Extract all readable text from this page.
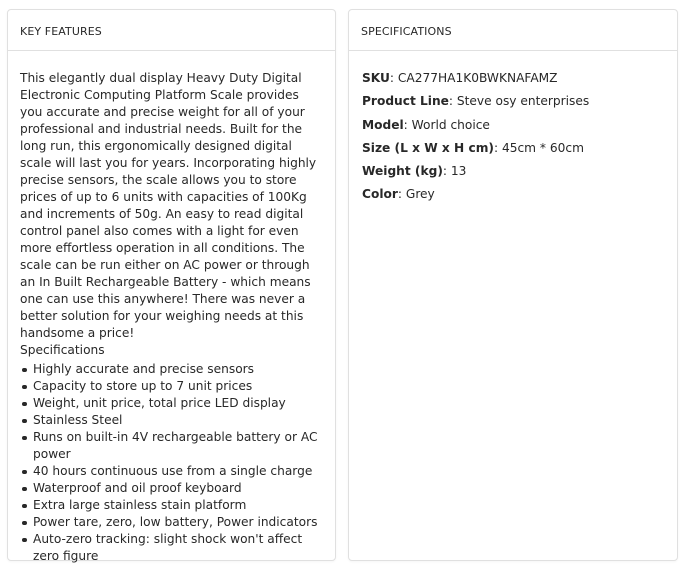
KEY FEATURES

This elegantly dual display Heavy Duty Digital Electronic Computing Platform Scale provides you accurate and precise weight for all of your professional and industrial needs. Built for the long run, this ergonomically designed digital scale will last you for years. Incorporating highly precise sensors, the scale allows you to store prices of up to 6 units with capacities of 100Kg and increments of 50g. An easy to read digital control panel also comes with a light for even more effortless operation in all conditions. The scale can be run either on AC power or through an In Built Rechargeable Battery - which means one can use this anywhere! There was never a better solution for your weighing needs at this handsome a price!

Specifications

Highly accurate and precise sensors
Capacity to store up to 7 unit prices
Weight, unit price, total price LED display
Stainless Steel
Runs on built-in 4V rechargeable battery or AC power
40 hours continuous use from a single charge
Waterproof and oil proof keyboard
Extra large stainless stain platform
Power tare, zero, low battery, Power indicators
Auto-zero tracking: slight shock won't affect zero figure
SPECIFICATIONS
SKU: CA277HA1K0BWKNAFAMZ
Product Line: Steve osy enterprises
Model: World choice
Size (L x W x H cm): 45cm * 60cm
Weight (kg): 13
Color: Grey
